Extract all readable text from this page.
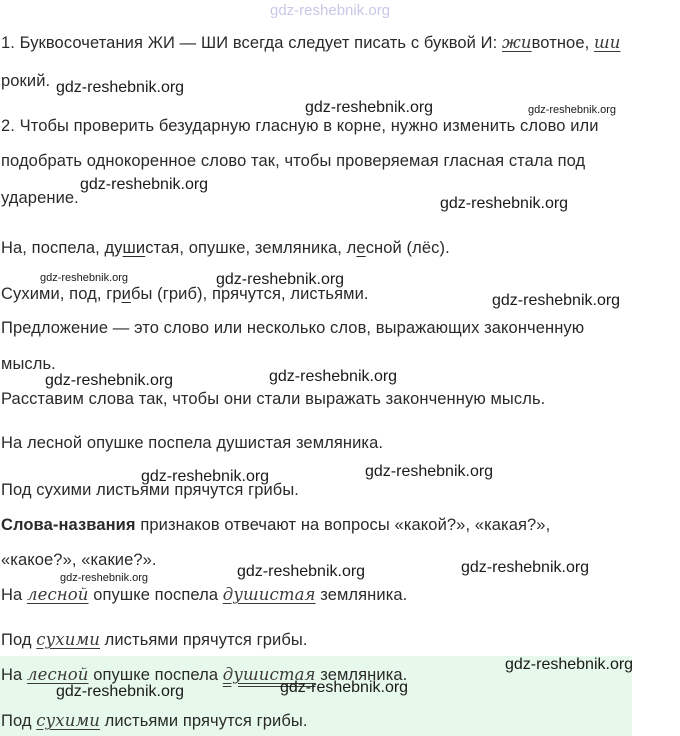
gdz-reshebnik.org
1. Буквосочетания ЖИ — ШИ всегда следует писать с буквой И: животное, ши
рокий.
2. Чтобы проверить безударную гласную в корне, нужно изменить слово или
подобрать однокоренное слово так, чтобы проверяемая гласная стала под
ударение.
На, поспела, душистая, опушке, земляника, лесной (лёс).
Сухими, под, грибы (гриб), прячутся, листьями.
Предложение — это слово или несколько слов, выражающих законченную
мысль.
Расставим слова так, чтобы они стали выражать законченную мысль.
На лесной опушке поспела душистая земляника.
Под сухими листьями прячутся грибы.
Слова-названия признаков отвечают на вопросы «какой?», «какая?»,
«какое?», «какие?».
На лесной опушке поспела душистая земляника.
Под сухими листьями прячутся грибы.
На лесной опушке поспела душистая земляника.
Под сухими листьями прячутся грибы.
gdz-reshebnik.org
gdz-reshebnik.org	gdz-reshebnik.org
gdz-reshebnik.org
gdz-reshebnik.org
gdz-reshebnik.org	gdz-reshebnik.org
gdz-reshebnik.org
gdz-reshebnik.org	gdz-reshebnik.org
gdz-reshebnik.org	gdz-reshebnik.org
gdz-reshebnik.org	gdz-reshebnik.org	gdz-reshebnik.org
gdz-reshebnik.org
gdz-reshebnik.org	gdz-reshebnik.org
